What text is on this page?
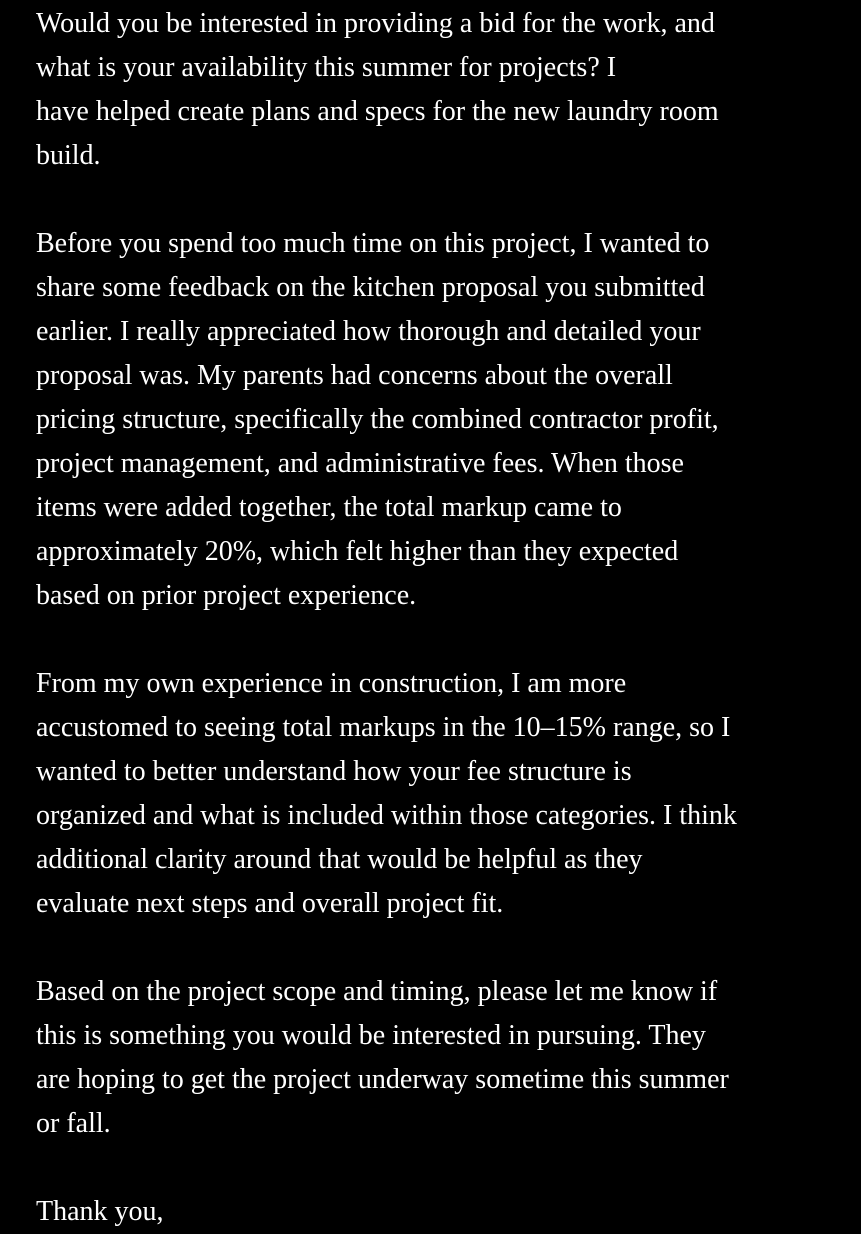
Would you be interested in providing a bid for the work, and
what is your availability this summer for projects? I
have helped create plans and specs for the new laundry room
build.
Before you spend too much time on this project, I wanted to
share some feedback on the kitchen proposal you submitted
earlier. I really appreciated how thorough and detailed your
proposal was. My parents had concerns about the overall
pricing structure, specifically the combined contractor profit,
project management, and administrative fees. When those
items were added together, the total markup came to
approximately 20%, which felt higher than they expected
based on prior project experience.
From my own experience in construction, I am more
accustomed to seeing total markups in the 10–15% range, so I
wanted to better understand how your fee structure is
organized and what is included within those categories. I think
additional clarity around that would be helpful as they
evaluate next steps and overall project fit.
Based on the project scope and timing, please let me know if
this is something you would be interested in pursuing. They
are hoping to get the project underway sometime this summer
or fall.
Thank you,
